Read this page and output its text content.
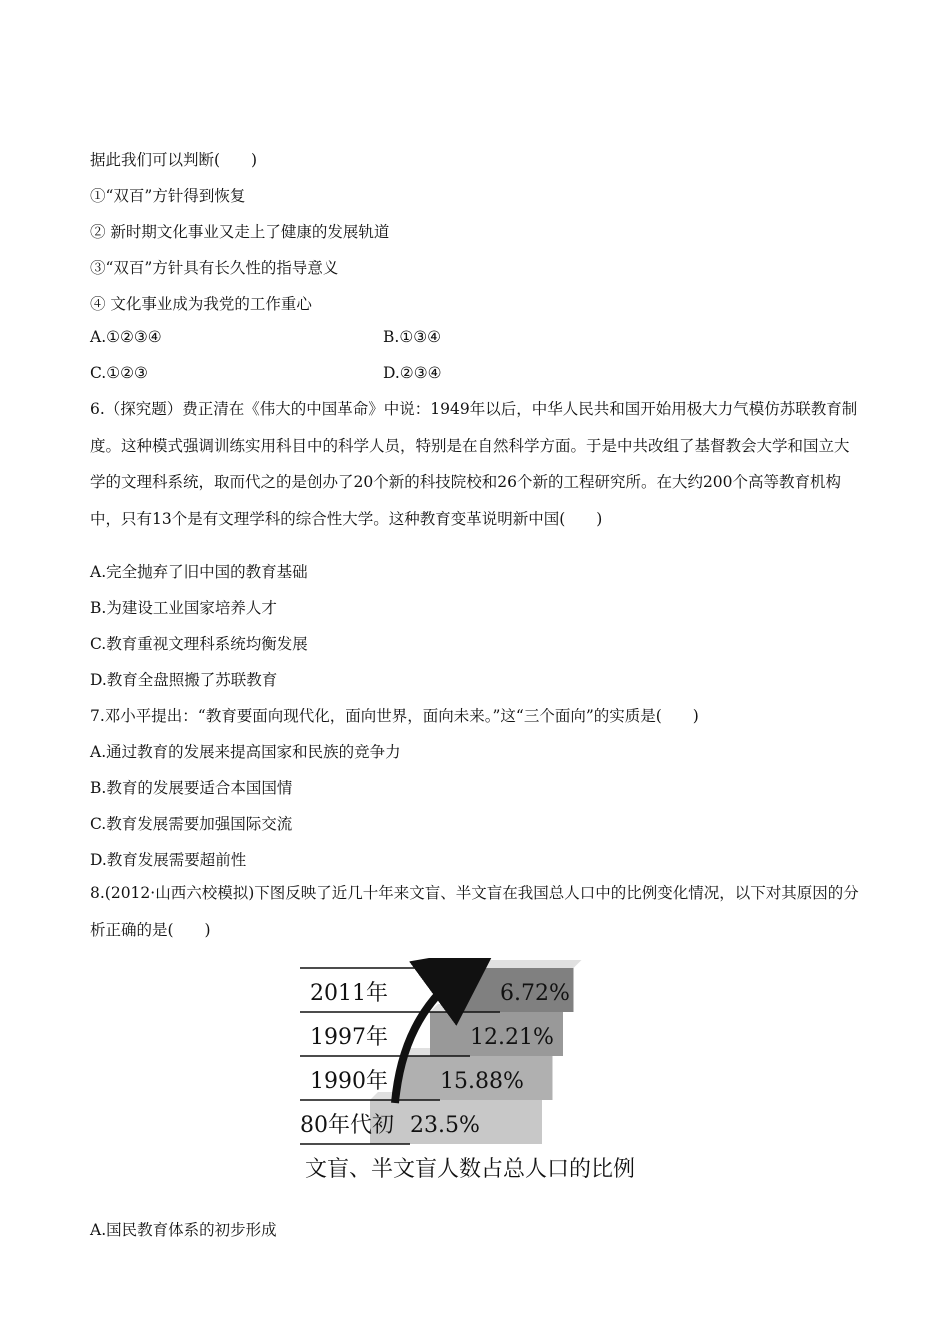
据此我们可以判断(　　)
①“双百”方针得到恢复
② 新时期文化事业又走上了健康的发展轨道
③“双百”方针具有长久性的指导意义
④ 文化事业成为我党的工作重心
A.①②③④	B.①③④
C.①②③	D.②③④
6.（探究题）费正清在《伟大的中国革命》中说：1949年以后，中华人民共和国开始用极大力气模仿苏联教育制度。这种模式强调训练实用科目中的科学人员，特别是在自然科学方面。于是中共改组了基督教会大学和国立大学的文理科系统，取而代之的是创办了20个新的科技院校和26个新的工程研究所。在大约200个高等教育机构中，只有13个是有文理学科的综合性大学。这种教育变革说明新中国(　　)
A.完全抛弃了旧中国的教育基础
B.为建设工业国家培养人才
C.教育重视文理科系统均衡发展
D.教育全盘照搬了苏联教育
7.邓小平提出：“教育要面向现代化，面向世界，面向未来。”这“三个面向”的实质是(　　)
A.通过教育的发展来提高国家和民族的竞争力
B.教育的发展要适合本国国情
C.教育发展需要加强国际交流
D.教育发展需要超前性
8.(2012·山西六校模拟)下图反映了近几十年来文盲、半文盲在我国总人口中的比例变化情况，以下对其原因的分析正确的是(　　)
80年代初 23.5%
1990年 15.88%
1997年	12.21%
2011年	6.72%
文盲、半文盲人数占总人口的比例
A.国民教育体系的初步形成
